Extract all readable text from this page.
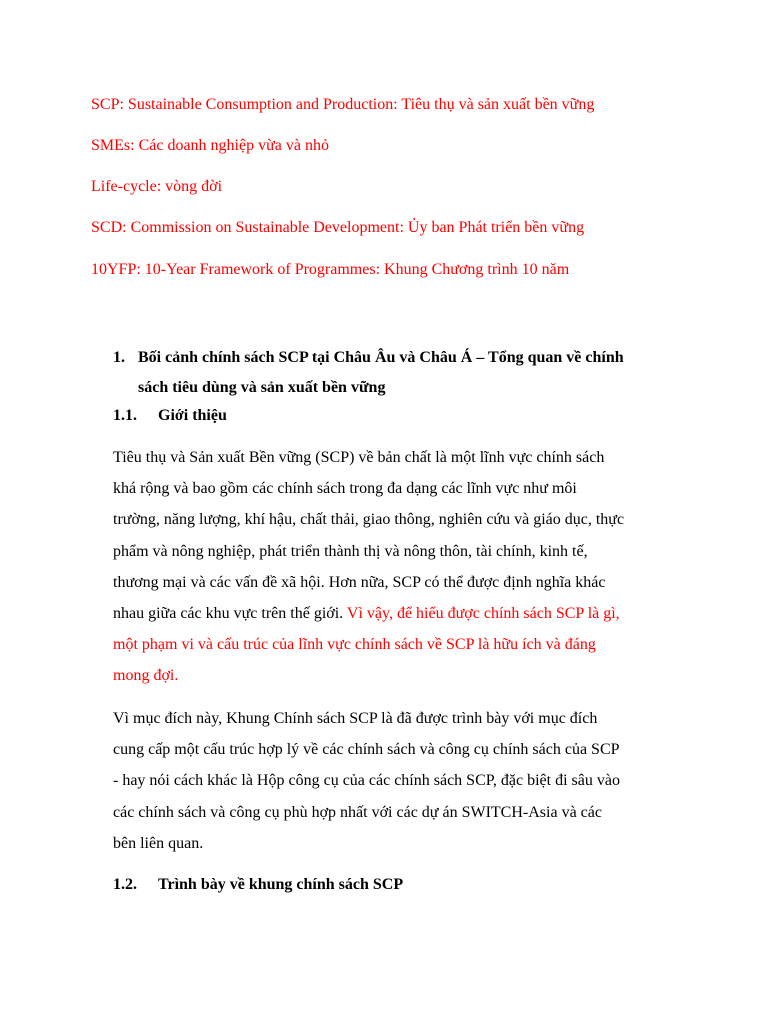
SCP: Sustainable Consumption and Production: Tiêu thụ và sản xuất bền vững
SMEs: Các doanh nghiệp vừa và nhỏ
Life-cycle: vòng đời
SCD: Commission on Sustainable Development: Ủy ban Phát triển bền vững
10YFP: 10-Year Framework of Programmes: Khung Chương trình 10 năm
1. Bối cảnh chính sách SCP tại Châu Âu và Châu Á – Tổng quan về chính
sách tiêu dùng và sản xuất bền vững
1.1. Giới thiệu
Tiêu thụ và Sản xuất Bền vững (SCP) về bản chất là một lĩnh vực chính sách
khá rộng và bao gồm các chính sách trong đa dạng các lĩnh vực như môi
trường, năng lượng, khí hậu, chất thải, giao thông, nghiên cứu và giáo dục, thực
phẩm và nông nghiệp, phát triển thành thị và nông thôn, tài chính, kinh tế,
thương mại và các vấn đề xã hội. Hơn nữa, SCP có thể được định nghĩa khác
nhau giữa các khu vực trên thế giới. Vì vậy, để hiểu được chính sách SCP là gì,
một phạm vi và cấu trúc của lĩnh vực chính sách về SCP là hữu ích và đáng
mong đợi.
Vì mục đích này, Khung Chính sách SCP là đã được trình bày với mục đích
cung cấp một cấu trúc hợp lý về các chính sách và công cụ chính sách của SCP
- hay nói cách khác là Hộp công cụ của các chính sách SCP, đặc biệt đi sâu vào
các chính sách và công cụ phù hợp nhất với các dự án SWITCH-Asia và các
bên liên quan.
1.2. Trình bày về khung chính sách SCP
